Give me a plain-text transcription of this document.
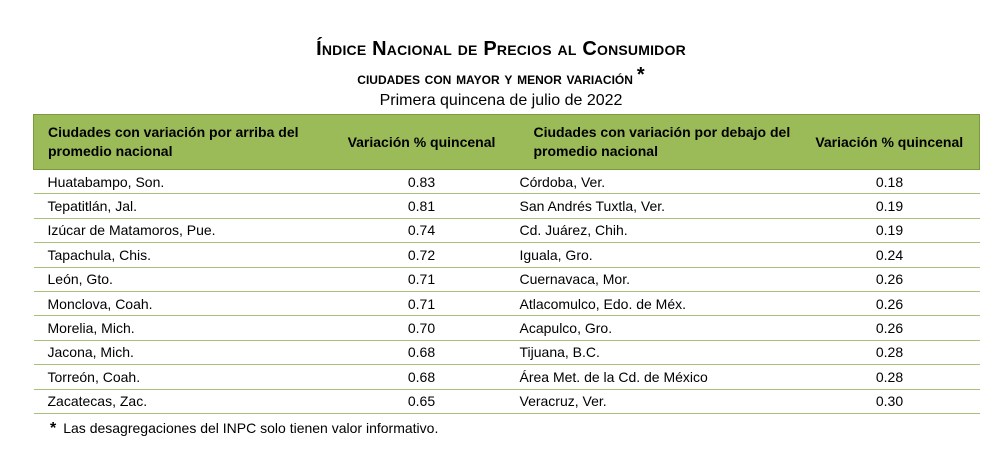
Índice Nacional de Precios al Consumidor
ciudades con mayor y menor variación *
Primera quincena de julio de 2022
Ciudades con variación por arriba del promedio nacional	Variación % quincenal	Ciudades con variación por debajo del promedio nacional	Variación % quincenal
Huatabampo, Son.	0.83	Córdoba, Ver.	0.18
Tepatitlán, Jal.	0.81	San Andrés Tuxtla, Ver.	0.19
Izúcar de Matamoros, Pue.	0.74	Cd. Juárez, Chih.	0.19
Tapachula, Chis.	0.72	Iguala, Gro.	0.24
León, Gto.	0.71	Cuernavaca, Mor.	0.26
Monclova, Coah.	0.71	Atlacomulco, Edo. de Méx.	0.26
Morelia, Mich.	0.70	Acapulco, Gro.	0.26
Jacona, Mich.	0.68	Tijuana, B.C.	0.28
Torreón, Coah.	0.68	Área Met. de la Cd. de México	0.28
Zacatecas, Zac.	0.65	Veracruz, Ver.	0.30
* Las desagregaciones del INPC solo tienen valor informativo.
